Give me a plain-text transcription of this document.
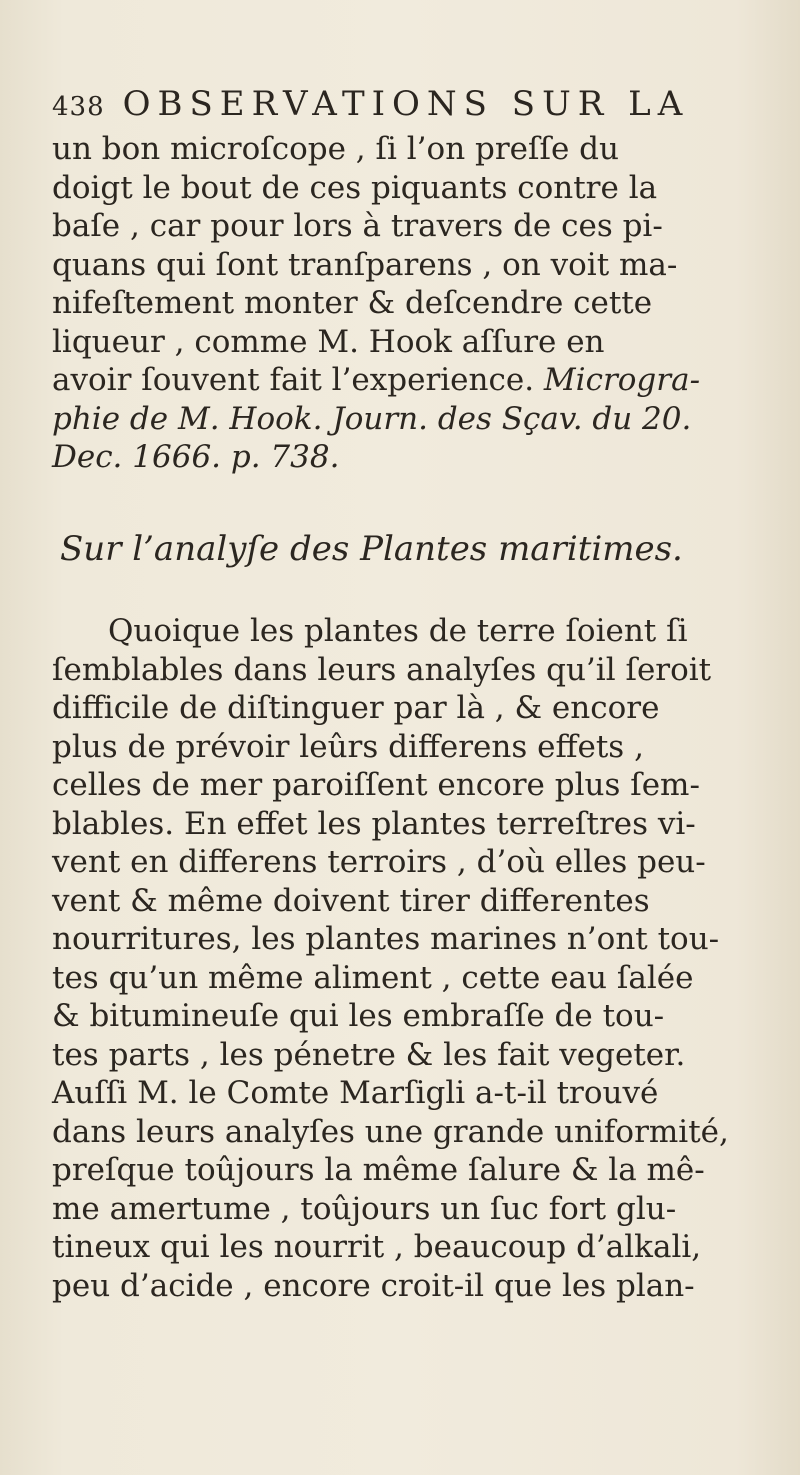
438 OBSERVATIONS SUR LA
un bon microſcope , ſi l’on preſſe du
doigt le bout de ces piquants contre la
baſe , car pour lors à travers de ces pi-
quans qui ſont tranſparens , on voit ma-
nifeſtement monter & deſcendre cette
liqueur , comme M. Hook aſſure en
avoir ſouvent fait l’experience. Microgra-
phie de M. Hook. Journ. des Sçav. du 20.
Dec. 1666. p. 738.
Sur l’analyſe des Plantes maritimes.
Quoique les plantes de terre ſoient ſi
ſemblables dans leurs analyſes qu’il ſeroit
difficile de diſtinguer par là , & encore
plus de prévoir leûrs differens effets ,
celles de mer paroiſſent encore plus ſem-
blables. En effet les plantes terreſtres vi-
vent en differens terroirs , d’où elles peu-
vent & même doivent tirer differentes
nourritures, les plantes marines n’ont tou-
tes qu’un même aliment , cette eau ſalée
& bitumineuſe qui les embraſſe de tou-
tes parts , les pénetre & les fait vegeter.
Auſſi M. le Comte Marſigli a-t-il trouvé
dans leurs analyſes une grande uniformité,
preſque toûjours la même ſalure & la mê-
me amertume , toûjours un ſuc fort glu-
tineux qui les nourrit , beaucoup d’alkali,
peu d’acide , encore croit-il que les plan-
